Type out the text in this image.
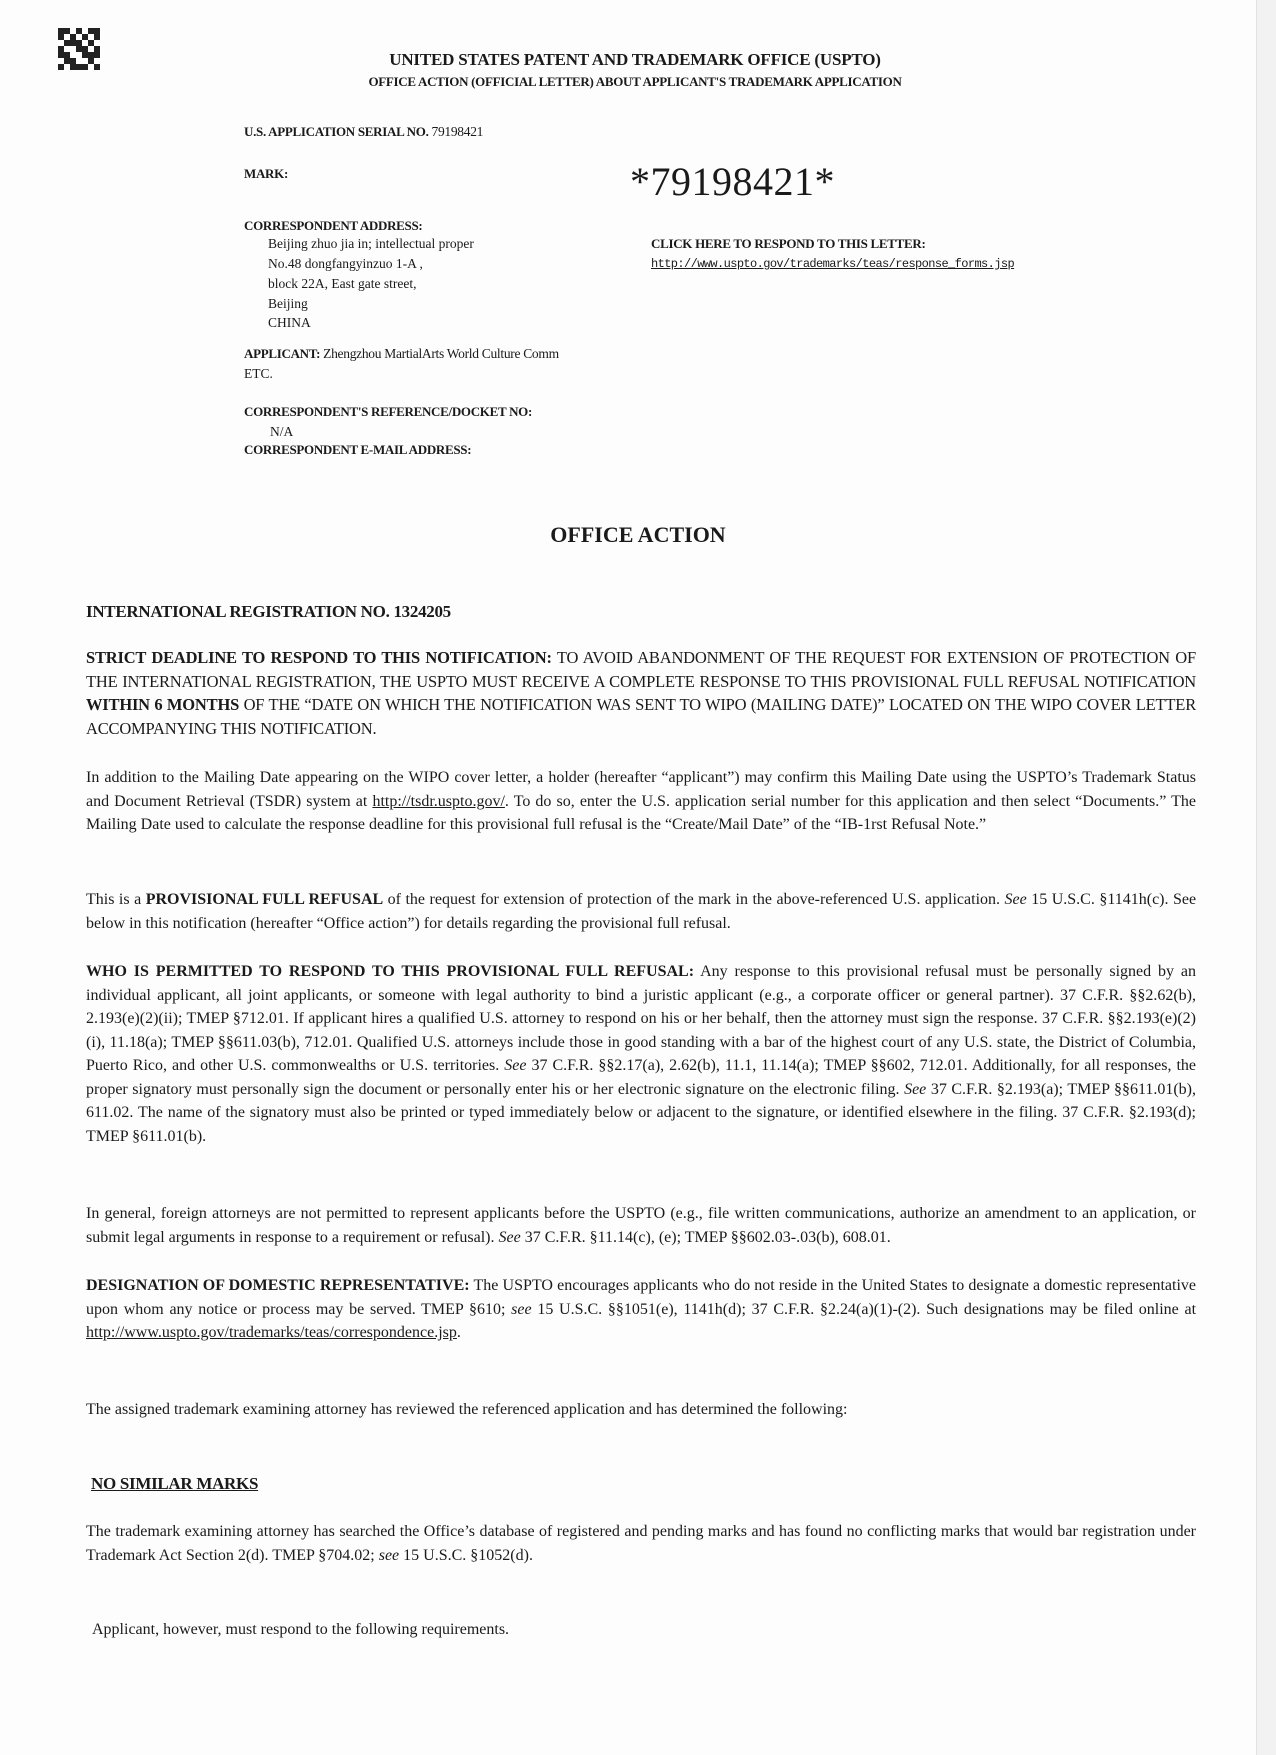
UNITED STATES PATENT AND TRADEMARK OFFICE (USPTO)
OFFICE ACTION (OFFICIAL LETTER) ABOUT APPLICANT'S TRADEMARK APPLICATION
U.S. APPLICATION SERIAL NO. 79198421
MARK:	*79198421*
CLICK HERE TO RESPOND TO THIS LETTER:
http://www.uspto.gov/trademarks/teas/response_forms.jsp
CORRESPONDENT ADDRESS:
Beijing zhuo jia in; intellectual proper
No.48 dongfangyinzuo 1-A ,
block 22A, East gate street,
Beijing
CHINA
APPLICANT: Zhengzhou MartialArts World Culture Comm
ETC.
CORRESPONDENT'S REFERENCE/DOCKET NO:
N/A
CORRESPONDENT E-MAIL ADDRESS:
OFFICE ACTION
INTERNATIONAL REGISTRATION NO. 1324205
STRICT DEADLINE TO RESPOND TO THIS NOTIFICATION: TO AVOID ABANDONMENT OF THE REQUEST FOR EXTENSION OF PROTECTION OF THE INTERNATIONAL REGISTRATION, THE USPTO MUST RECEIVE A COMPLETE RESPONSE TO THIS PROVISIONAL FULL REFUSAL NOTIFICATION WITHIN 6 MONTHS OF THE “DATE ON WHICH THE NOTIFICATION WAS SENT TO WIPO (MAILING DATE)” LOCATED ON THE WIPO COVER LETTER ACCOMPANYING THIS NOTIFICATION.
In addition to the Mailing Date appearing on the WIPO cover letter, a holder (hereafter “applicant”) may confirm this Mailing Date using the USPTO’s Trademark Status and Document Retrieval (TSDR) system at http://tsdr.uspto.gov/. To do so, enter the U.S. application serial number for this application and then select “Documents.” The Mailing Date used to calculate the response deadline for this provisional full refusal is the “Create/Mail Date” of the “IB-1rst Refusal Note.”
This is a PROVISIONAL FULL REFUSAL of the request for extension of protection of the mark in the above-referenced U.S. application. See 15 U.S.C. §1141h(c). See below in this notification (hereafter “Office action”) for details regarding the provisional full refusal.
WHO IS PERMITTED TO RESPOND TO THIS PROVISIONAL FULL REFUSAL: Any response to this provisional refusal must be personally signed by an individual applicant, all joint applicants, or someone with legal authority to bind a juristic applicant (e.g., a corporate officer or general partner). 37 C.F.R. §§2.62(b), 2.193(e)(2)(ii); TMEP §712.01. If applicant hires a qualified U.S. attorney to respond on his or her behalf, then the attorney must sign the response. 37 C.F.R. §§2.193(e)(2)(i), 11.18(a); TMEP §§611.03(b), 712.01. Qualified U.S. attorneys include those in good standing with a bar of the highest court of any U.S. state, the District of Columbia, Puerto Rico, and other U.S. commonwealths or U.S. territories. See 37 C.F.R. §§2.17(a), 2.62(b), 11.1, 11.14(a); TMEP §§602, 712.01. Additionally, for all responses, the proper signatory must personally sign the document or personally enter his or her electronic signature on the electronic filing. See 37 C.F.R. §2.193(a); TMEP §§611.01(b), 611.02. The name of the signatory must also be printed or typed immediately below or adjacent to the signature, or identified elsewhere in the filing. 37 C.F.R. §2.193(d); TMEP §611.01(b).
In general, foreign attorneys are not permitted to represent applicants before the USPTO (e.g., file written communications, authorize an amendment to an application, or submit legal arguments in response to a requirement or refusal). See 37 C.F.R. §11.14(c), (e); TMEP §§602.03-.03(b), 608.01.
DESIGNATION OF DOMESTIC REPRESENTATIVE: The USPTO encourages applicants who do not reside in the United States to designate a domestic representative upon whom any notice or process may be served. TMEP §610; see 15 U.S.C. §§1051(e), 1141h(d); 37 C.F.R. §2.24(a)(1)-(2). Such designations may be filed online at http://www.uspto.gov/trademarks/teas/correspondence.jsp.
The assigned trademark examining attorney has reviewed the referenced application and has determined the following:
NO SIMILAR MARKS
The trademark examining attorney has searched the Office’s database of registered and pending marks and has found no conflicting marks that would bar registration under Trademark Act Section 2(d). TMEP §704.02; see 15 U.S.C. §1052(d).
Applicant, however, must respond to the following requirements.
